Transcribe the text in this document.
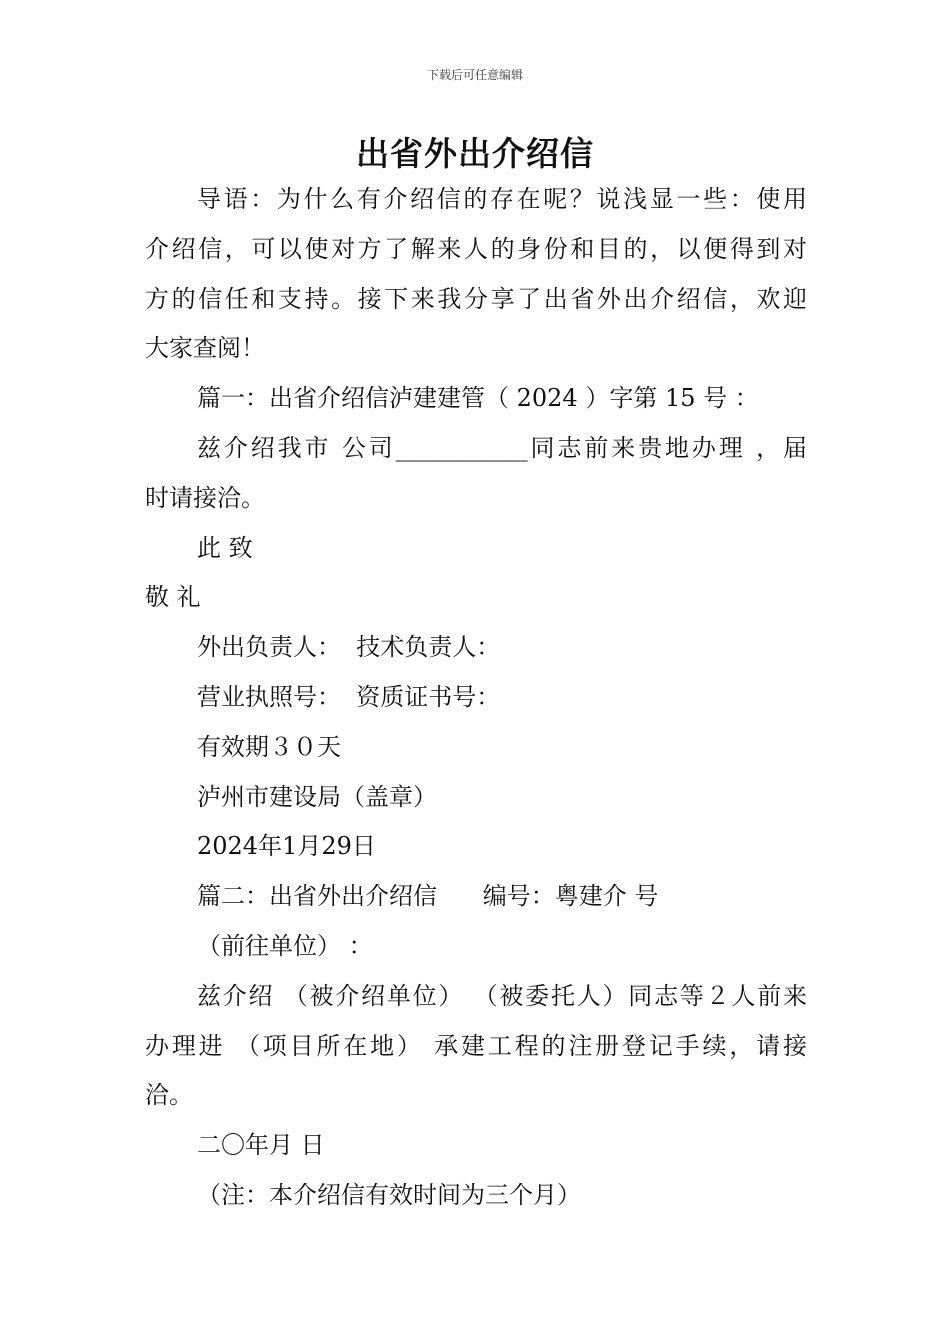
下载后可任意编辑
出省外出介绍信

导语：为什么有介绍信的存在呢？说浅显一些：使用

介绍信，可以使对方了解来人的身份和目的，以便得到对

方的信任和支持。接下来我分享了出省外出介绍信，欢迎

大家查阅！

篇一：出省介绍信泸建建管（ 2024 ）字第 15 号 ：

兹介绍我市 公司___________同志前来贵地办理 ，届

时请接洽。

此 致

敬 礼

外出负责人：  技术负责人：

营业执照号：  资质证书号：

有效期３０天

泸州市建设局（盖章）

2024年1月29日

篇二：出省外出介绍信      编号：粤建介 号

（前往单位） ：

兹介绍 （被介绍单位） （被委托人）同志等２人前来

办理进 （项目所在地） 承建工程的注册登记手续，请接

洽。

二〇年月 日

（注：本介绍信有效时间为三个月）
